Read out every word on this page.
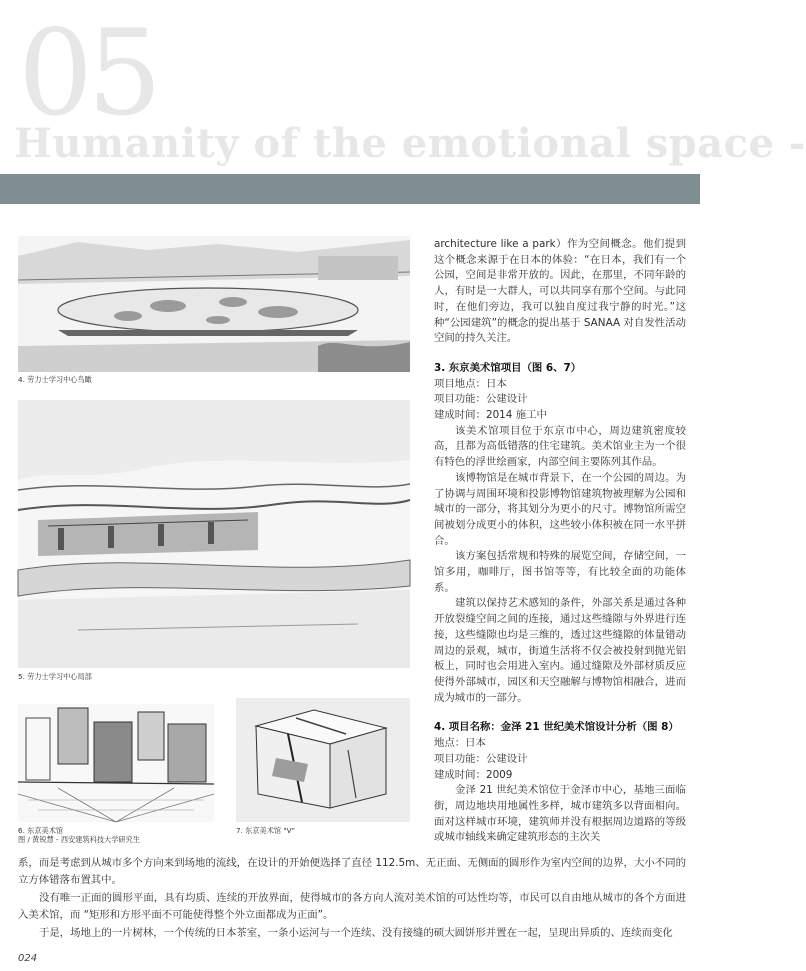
05
Humanity of the emotional space -
4. 劳力士学习中心鸟瞰
5. 劳力士学习中心局部
6. 东京美术馆
图 / 黄锐慧 - 西安建筑科技大学研究生
7. 东京美术馆 "V"

architecture like a park）作为空间概念。他们提到这个概念来源于在日本的体验：“在日本，我们有一个公园，空间是非常开放的。因此，在那里，不同年龄的人，有时是一大群人，可以共同享有那个空间。与此同时，在他们旁边，我可以独自度过我宁静的时光。”这种“公园建筑”的概念的提出基于 SANAA 对自发性活动空间的持久关注。

3. 东京美术馆项目（图 6、7）

项目地点：日本

项目功能：公建设计

建成时间：2014 施工中

该美术馆项目位于东京市中心，周边建筑密度较高，且都为高低错落的住宅建筑。美术馆业主为一个很有特色的浮世绘画家，内部空间主要陈列其作品。

该博物馆是在城市背景下，在一个公园的周边。为了协调与周围环境和投影博物馆建筑物被理解为公园和城市的一部分，将其划分为更小的尺寸。博物馆所需空间被划分成更小的体积，这些较小体积被在同一水平拼合。

该方案包括常规和特殊的展览空间，存储空间，一馆多用，咖啡厅，图书馆等等，有比较全面的功能体系。

建筑以保持艺术感知的条件，外部关系是通过各种开放裂缝空间之间的连接，通过这些缝隙与外界进行连接，这些缝隙也均是三维的，透过这些缝隙的体量错动周边的景观，城市，街道生活将不仅会被投射到抛光铝板上，同时也会用进入室内。通过缝隙及外部材质反应使得外部城市，园区和天空融解与博物馆相融合，进而成为城市的一部分。

4. 项目名称：金泽 21 世纪美术馆设计分析（图 8）

地点：日本

项目功能：公建设计

建成时间：2009

金泽 21 世纪美术馆位于金泽市中心，基地三面临街，周边地块用地属性多样，城市建筑多以背面相向。面对这样城市环境，建筑师并没有根据周边道路的等级或城市轴线来确定建筑形态的主次关

系，而是考虑到从城市多个方向来到场地的流线，在设计的开始便选择了直径 112.5m、无正面、无侧面的圆形作为室内空间的边界，大小不同的立方体错落布置其中。

没有唯一正面的圆形平面，具有均质、连续的开放界面，使得城市的各方向人流对美术馆的可达性均等，市民可以自由地从城市的各个方面进入美术馆，而 “矩形和方形平面不可能使得整个外立面都成为正面”。

于是，场地上的一片树林，一个传统的日本茶室，一条小运河与一个连续、没有接缝的硕大圆饼形并置在一起，呈现出异质的、连续而变化

024
